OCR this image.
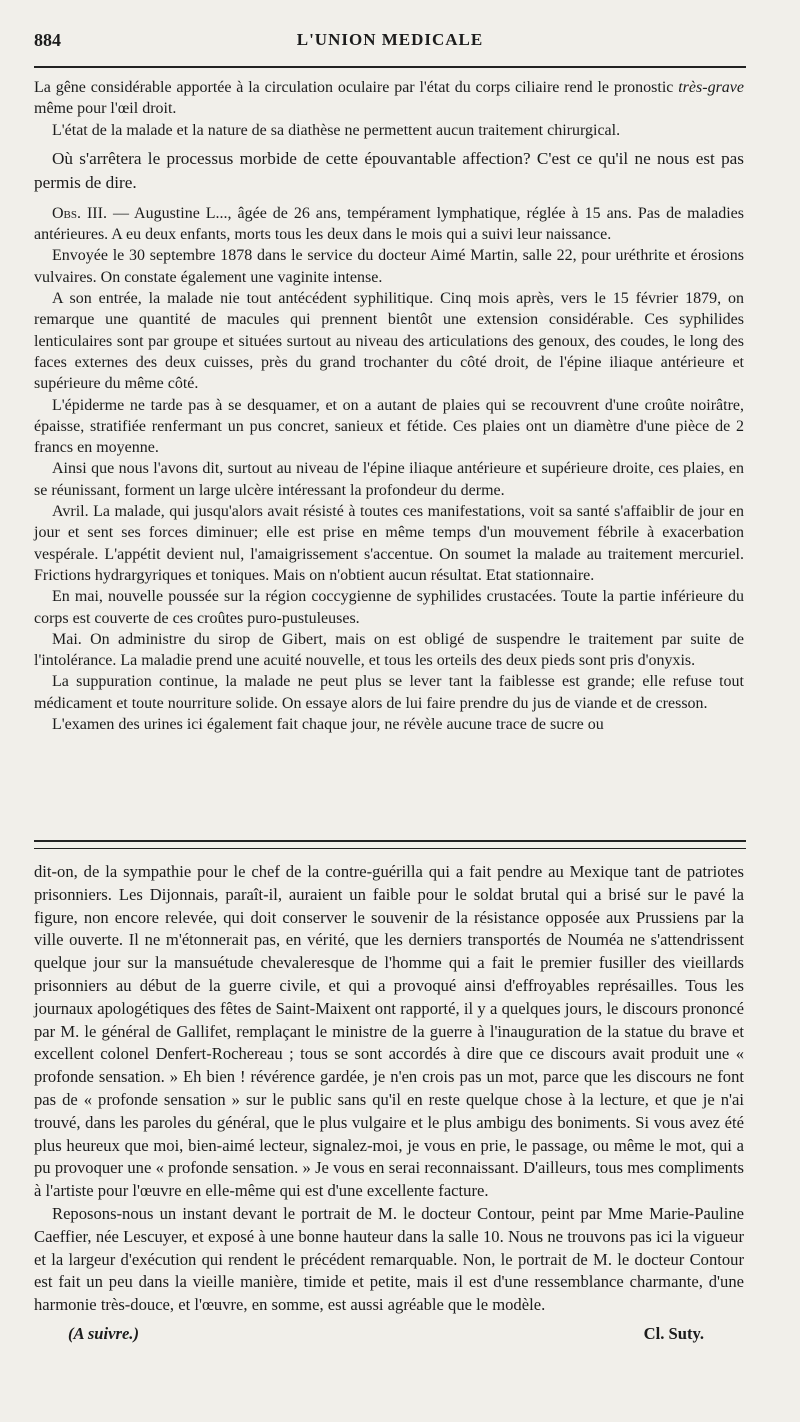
884	L'UNION MEDICALE

La gêne considérable apportée à la circulation oculaire par l'état du corps ciliaire rend le pronostic très-grave même pour l'œil droit.

L'état de la malade et la nature de sa diathèse ne permettent aucun traitement chirurgical.

Où s'arrêtera le processus morbide de cette épouvantable affection? C'est ce qu'il ne nous est pas permis de dire.

Obs. III. — Augustine L..., âgée de 26 ans, tempérament lymphatique, réglée à 15 ans. Pas de maladies antérieures. A eu deux enfants, morts tous les deux dans le mois qui a suivi leur naissance.

Envoyée le 30 septembre 1878 dans le service du docteur Aimé Martin, salle 22, pour uréthrite et érosions vulvaires. On constate également une vaginite intense.

A son entrée, la malade nie tout antécédent syphilitique. Cinq mois après, vers le 15 février 1879, on remarque une quantité de macules qui prennent bientôt une extension considérable. Ces syphilides lenticulaires sont par groupe et situées surtout au niveau des articulations des genoux, des coudes, le long des faces externes des deux cuisses, près du grand trochanter du côté droit, de l'épine iliaque antérieure et supérieure du même côté.

L'épiderme ne tarde pas à se desquamer, et on a autant de plaies qui se recouvrent d'une croûte noirâtre, épaisse, stratifiée renfermant un pus concret, sanieux et fétide. Ces plaies ont un diamètre d'une pièce de 2 francs en moyenne.

Ainsi que nous l'avons dit, surtout au niveau de l'épine iliaque antérieure et supérieure droite, ces plaies, en se réunissant, forment un large ulcère intéressant la profondeur du derme.

Avril. La malade, qui jusqu'alors avait résisté à toutes ces manifestations, voit sa santé s'affaiblir de jour en jour et sent ses forces diminuer; elle est prise en même temps d'un mouvement fébrile à exacerbation vespérale. L'appétit devient nul, l'amaigrissement s'accentue. On soumet la malade au traitement mercuriel. Frictions hydrargyriques et toniques. Mais on n'obtient aucun résultat. Etat stationnaire.

En mai, nouvelle poussée sur la région coccygienne de syphilides crustacées. Toute la partie inférieure du corps est couverte de ces croûtes puro-pustuleuses.

Mai. On administre du sirop de Gibert, mais on est obligé de suspendre le traitement par suite de l'intolérance. La maladie prend une acuité nouvelle, et tous les orteils des deux pieds sont pris d'onyxis.

La suppuration continue, la malade ne peut plus se lever tant la faiblesse est grande; elle refuse tout médicament et toute nourriture solide. On essaye alors de lui faire prendre du jus de viande et de cresson.

L'examen des urines ici également fait chaque jour, ne révèle aucune trace de sucre ou

dit-on, de la sympathie pour le chef de la contre-guérilla qui a fait pendre au Mexique tant de patriotes prisonniers. Les Dijonnais, paraît-il, auraient un faible pour le soldat brutal qui a brisé sur le pavé la figure, non encore relevée, qui doit conserver le souvenir de la résistance opposée aux Prussiens par la ville ouverte. Il ne m'étonnerait pas, en vérité, que les derniers transportés de Nouméa ne s'attendrissent quelque jour sur la mansuétude chevaleresque de l'homme qui a fait le premier fusiller des vieillards prisonniers au début de la guerre civile, et qui a provoqué ainsi d'effroyables représailles. Tous les journaux apologétiques des fêtes de Saint-Maixent ont rapporté, il y a quelques jours, le discours prononcé par M. le général de Gallifet, remplaçant le ministre de la guerre à l'inauguration de la statue du brave et excellent colonel Denfert-Rochereau ; tous se sont accordés à dire que ce discours avait produit une « profonde sensation. » Eh bien ! révérence gardée, je n'en crois pas un mot, parce que les discours ne font pas de « profonde sensation » sur le public sans qu'il en reste quelque chose à la lecture, et que je n'ai trouvé, dans les paroles du général, que le plus vulgaire et le plus ambigu des boniments. Si vous avez été plus heureux que moi, bien-aimé lecteur, signalez-moi, je vous en prie, le passage, ou même le mot, qui a pu provoquer une « profonde sensation. » Je vous en serai reconnaissant. D'ailleurs, tous mes compliments à l'artiste pour l'œuvre en elle-même qui est d'une excellente facture.

Reposons-nous un instant devant le portrait de M. le docteur Contour, peint par Mme Marie-Pauline Caeffier, née Lescuyer, et exposé à une bonne hauteur dans la salle 10. Nous ne trouvons pas ici la vigueur et la largeur d'exécution qui rendent le précédent remarquable. Non, le portrait de M. le docteur Contour est fait un peu dans la vieille manière, timide et petite, mais il est d'une ressemblance charmante, d'une harmonie très-douce, et l'œuvre, en somme, est aussi agréable que le modèle.

(A suivre.)	Cl. Suty.
